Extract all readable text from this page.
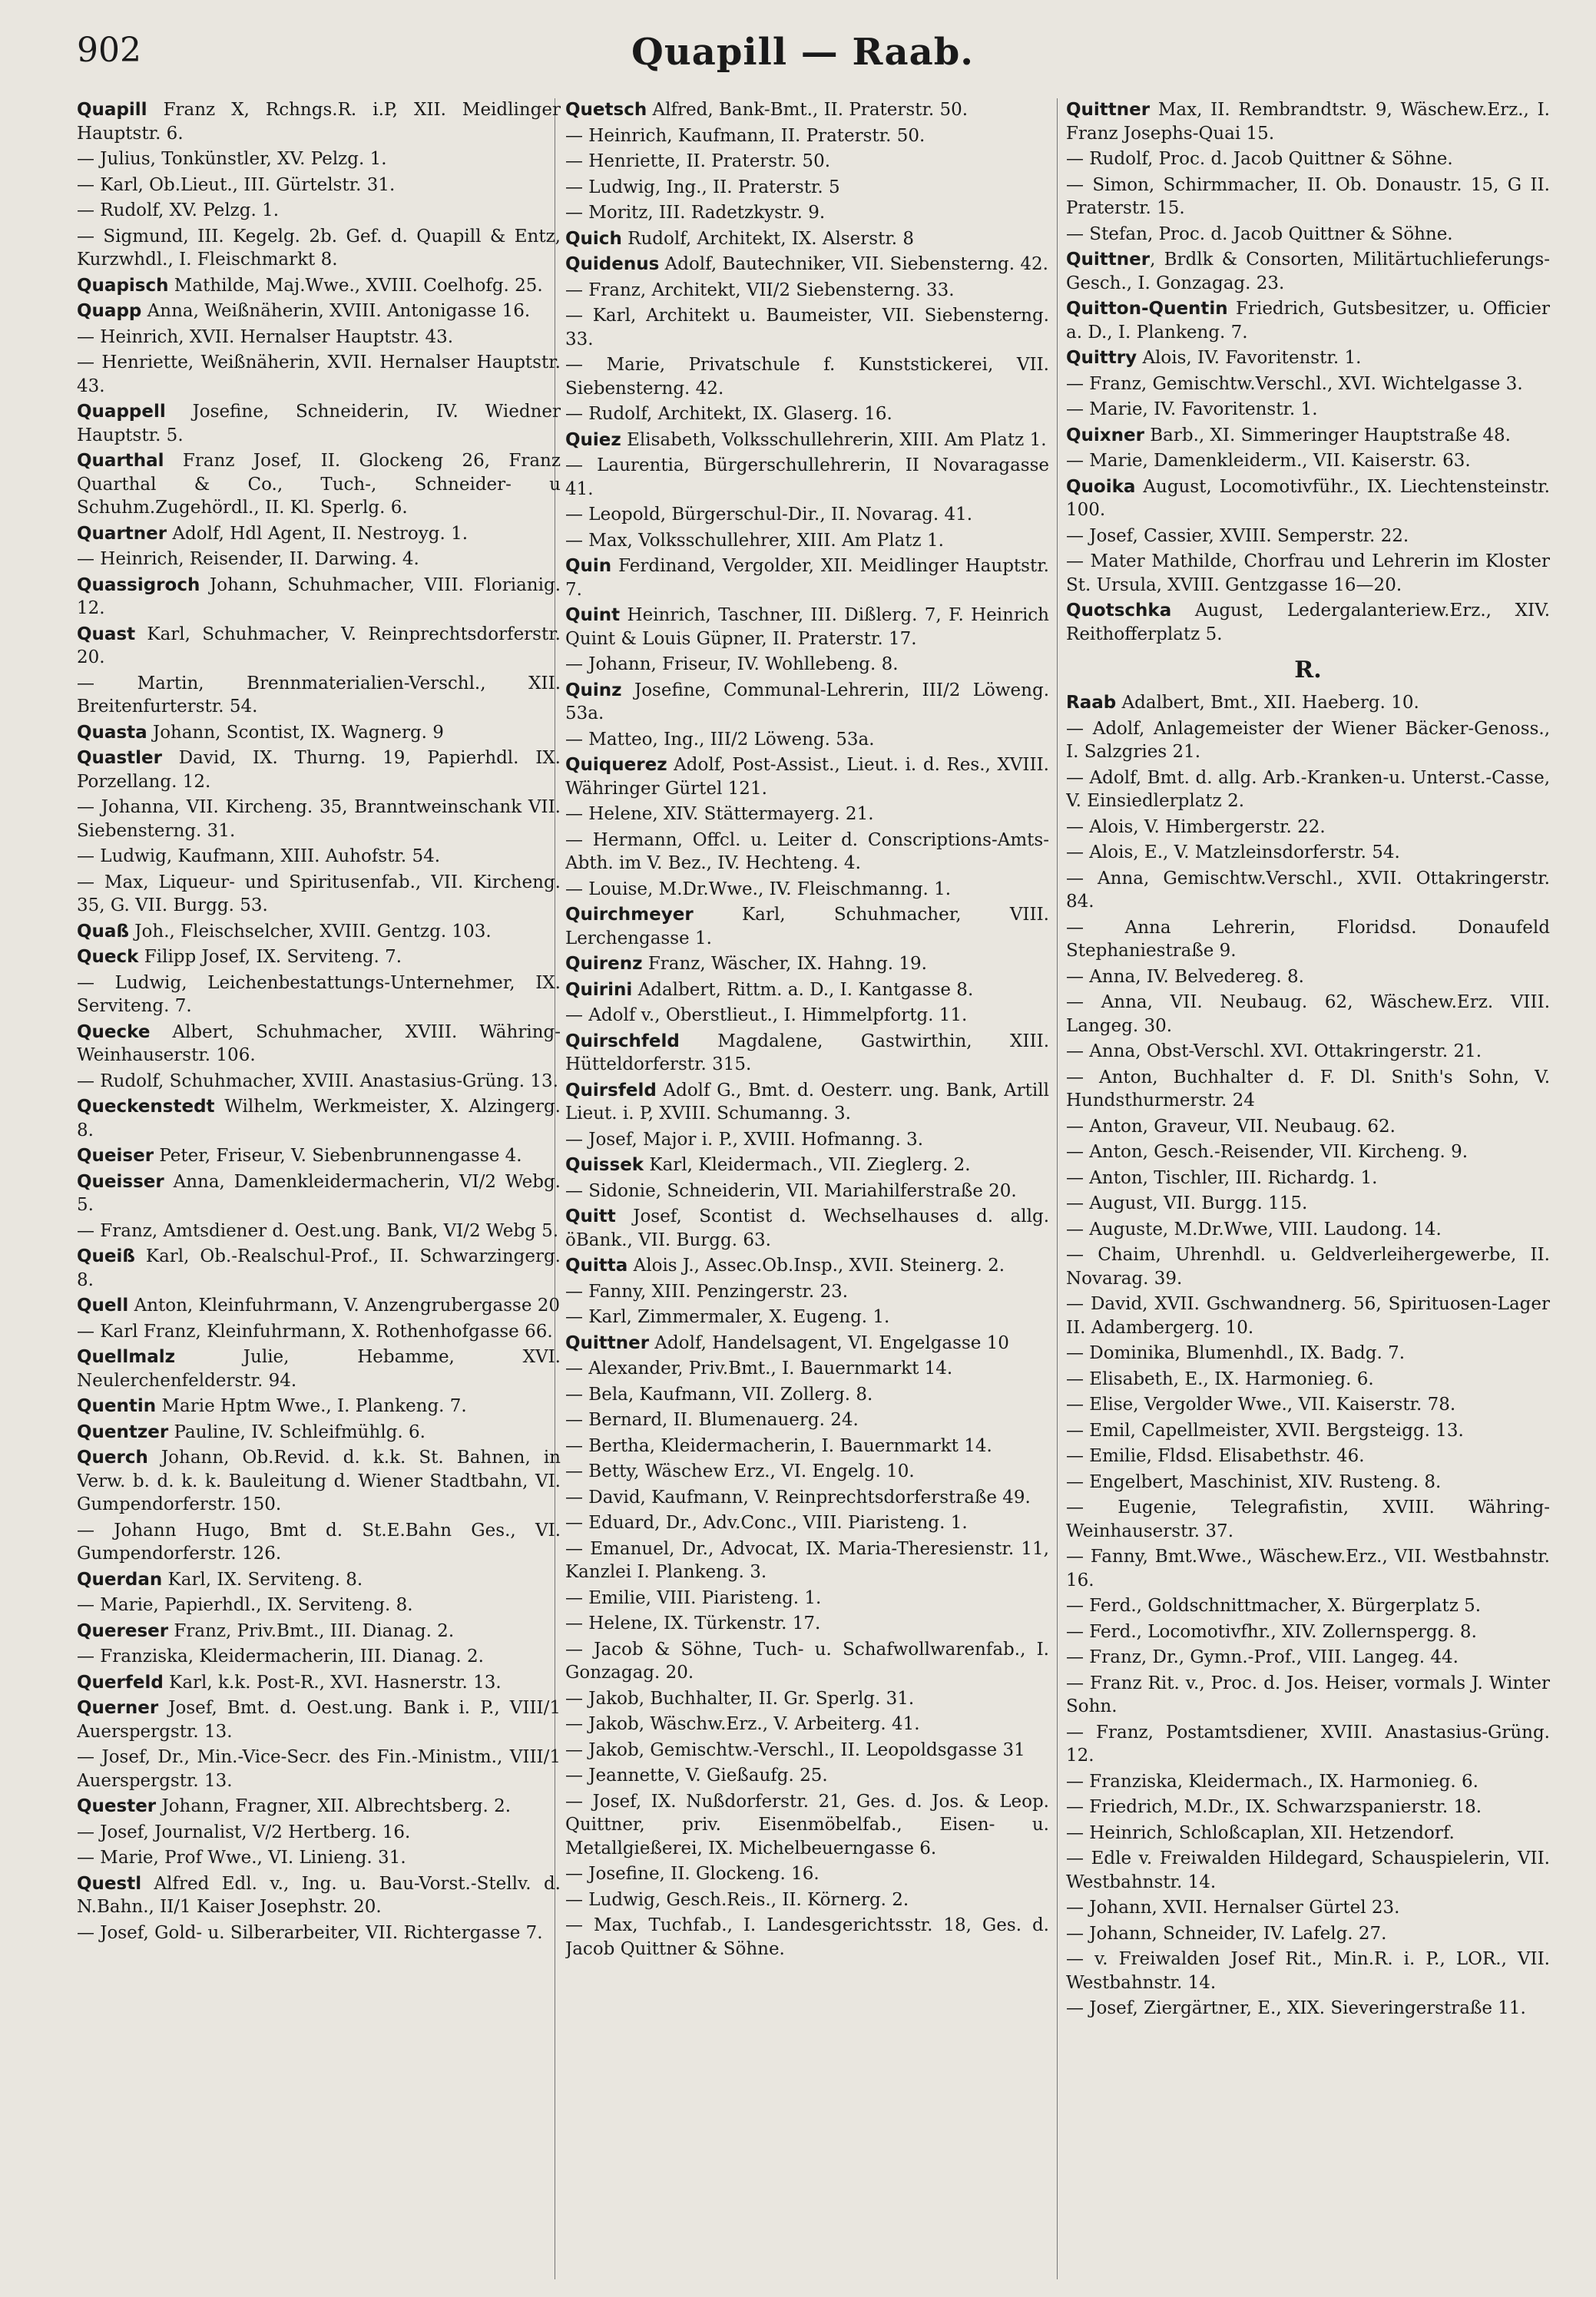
902	Quapill — Raab.

Quapill Franz X, Rchngs.R. i.P, XII. Meidlinger Hauptstr. 6.

— Julius, Tonkünstler, XV. Pelzg. 1.

— Karl, Ob.Lieut., III. Gürtelstr. 31.

— Rudolf, XV. Pelzg. 1.

— Sigmund, III. Kegelg. 2b. Gef. d. Quapill & Entz, Kurzwhdl., I. Fleischmarkt 8.

Quapisch Mathilde, Maj.Wwe., XVIII. Coelhofg. 25.

Quapp Anna, Weißnäherin, XVIII. Antonigasse 16.

— Heinrich, XVII. Hernalser Hauptstr. 43.

— Henriette, Weißnäherin, XVII. Hernalser Hauptstr. 43.

Quappell Josefine, Schneiderin, IV. Wiedner Hauptstr. 5.

Quarthal Franz Josef, II. Glockeng 26, Franz Quarthal & Co., Tuch-, Schneider- u Schuhm.Zugehördl., II. Kl. Sperlg. 6.

Quartner Adolf, Hdl Agent, II. Nestroyg. 1.

— Heinrich, Reisender, II. Darwing. 4.

Quassigroch Johann, Schuhmacher, VIII. Florianig. 12.

Quast Karl, Schuhmacher, V. Reinprechtsdorferstr. 20.

— Martin, Brennmaterialien-Verschl., XII. Breitenfurterstr. 54.

Quasta Johann, Scontist, IX. Wagnerg. 9

Quastler David, IX. Thurng. 19, Papierhdl. IX. Porzellang. 12.

— Johanna, VII. Kircheng. 35, Branntweinschank VII. Siebensterng. 31.

— Ludwig, Kaufmann, XIII. Auhofstr. 54.

— Max, Liqueur- und Spiritusenfab., VII. Kircheng. 35, G. VII. Burgg. 53.

Quaß Joh., Fleischselcher, XVIII. Gentzg. 103.

Queck Filipp Josef, IX. Serviteng. 7.

— Ludwig, Leichenbestattungs-Unternehmer, IX. Serviteng. 7.

Quecke Albert, Schuhmacher, XVIII. Währing-Weinhauserstr. 106.

— Rudolf, Schuhmacher, XVIII. Anastasius-Grüng. 13.

Queckenstedt Wilhelm, Werkmeister, X. Alzingerg. 8.

Queiser Peter, Friseur, V. Siebenbrunnengasse 4.

Queisser Anna, Damenkleidermacherin, VI/2 Webg. 5.

— Franz, Amtsdiener d. Oest.ung. Bank, VI/2 Webg 5.

Queiß Karl, Ob.-Realschul-Prof., II. Schwarzingerg. 8.

Quell Anton, Kleinfuhrmann, V. Anzengrubergasse 20

— Karl Franz, Kleinfuhrmann, X. Rothenhofgasse 66.

Quellmalz Julie, Hebamme, XVI. Neulerchenfelderstr. 94.

Quentin Marie Hptm Wwe., I. Plankeng. 7.

Quentzer Pauline, IV. Schleifmühlg. 6.

Querch Johann, Ob.Revid. d. k.k. St. Bahnen, in Verw. b. d. k. k. Bauleitung d. Wiener Stadtbahn, VI. Gumpendorferstr. 150.

— Johann Hugo, Bmt d. St.E.Bahn Ges., VI. Gumpendorferstr. 126.

Querdan Karl, IX. Serviteng. 8.

— Marie, Papierhdl., IX. Serviteng. 8.

Quereser Franz, Priv.Bmt., III. Dianag. 2.

— Franziska, Kleidermacherin, III. Dianag. 2.

Querfeld Karl, k.k. Post-R., XVI. Hasnerstr. 13.

Querner Josef, Bmt. d. Oest.ung. Bank i. P., VIII/1 Auerspergstr. 13.

— Josef, Dr., Min.-Vice-Secr. des Fin.-Ministm., VIII/1 Auerspergstr. 13.

Quester Johann, Fragner, XII. Albrechtsberg. 2.

— Josef, Journalist, V/2 Hertberg. 16.

— Marie, Prof Wwe., VI. Linieng. 31.

Questl Alfred Edl. v., Ing. u. Bau-Vorst.-Stellv. d. N.Bahn., II/1 Kaiser Josephstr. 20.

— Josef, Gold- u. Silberarbeiter, VII. Richtergasse 7.

Quetsch Alfred, Bank-Bmt., II. Praterstr. 50.

— Heinrich, Kaufmann, II. Praterstr. 50.

— Henriette, II. Praterstr. 50.

— Ludwig, Ing., II. Praterstr. 5

— Moritz, III. Radetzkystr. 9.

Quich Rudolf, Architekt, IX. Alserstr. 8

Quidenus Adolf, Bautechniker, VII. Siebensterng. 42.

— Franz, Architekt, VII/2 Siebensterng. 33.

— Karl, Architekt u. Baumeister, VII. Siebensterng. 33.

— Marie, Privatschule f. Kunststickerei, VII. Siebensterng. 42.

— Rudolf, Architekt, IX. Glaserg. 16.

Quiez Elisabeth, Volksschullehrerin, XIII. Am Platz 1.

— Laurentia, Bürgerschullehrerin, II Novaragasse 41.

— Leopold, Bürgerschul-Dir., II. Novarag. 41.

— Max, Volksschullehrer, XIII. Am Platz 1.

Quin Ferdinand, Vergolder, XII. Meidlinger Hauptstr. 7.

Quint Heinrich, Taschner, III. Dißlerg. 7, F. Heinrich Quint & Louis Güpner, II. Praterstr. 17.

— Johann, Friseur, IV. Wohllebeng. 8.

Quinz Josefine, Communal-Lehrerin, III/2 Löweng. 53a.

— Matteo, Ing., III/2 Löweng. 53a.

Quiquerez Adolf, Post-Assist., Lieut. i. d. Res., XVIII. Währinger Gürtel 121.

— Helene, XIV. Stättermayerg. 21.

— Hermann, Offcl. u. Leiter d. Conscriptions-Amts-Abth. im V. Bez., IV. Hechteng. 4.

— Louise, M.Dr.Wwe., IV. Fleischmanng. 1.

Quirchmeyer Karl, Schuhmacher, VIII. Lerchengasse 1.

Quirenz Franz, Wäscher, IX. Hahng. 19.

Quirini Adalbert, Rittm. a. D., I. Kantgasse 8.

— Adolf v., Oberstlieut., I. Himmelpfortg. 11.

Quirschfeld Magdalene, Gastwirthin, XIII. Hütteldorferstr. 315.

Quirsfeld Adolf G., Bmt. d. Oesterr. ung. Bank, Artill Lieut. i. P, XVIII. Schumanng. 3.

— Josef, Major i. P., XVIII. Hofmanng. 3.

Quissek Karl, Kleidermach., VII. Zieglerg. 2.

— Sidonie, Schneiderin, VII. Mariahilferstraße 20.

Quitt Josef, Scontist d. Wechselhauses d. allg. öBank., VII. Burgg. 63.

Quitta Alois J., Assec.Ob.Insp., XVII. Steinerg. 2.

— Fanny, XIII. Penzingerstr. 23.

— Karl, Zimmermaler, X. Eugeng. 1.

Quittner Adolf, Handelsagent, VI. Engelgasse 10

— Alexander, Priv.Bmt., I. Bauernmarkt 14.

— Bela, Kaufmann, VII. Zollerg. 8.

— Bernard, II. Blumenauerg. 24.

— Bertha, Kleidermacherin, I. Bauernmarkt 14.

— Betty, Wäschew Erz., VI. Engelg. 10.

— David, Kaufmann, V. Reinprechtsdorferstraße 49.

— Eduard, Dr., Adv.Conc., VIII. Piaristeng. 1.

— Emanuel, Dr., Advocat, IX. Maria-Theresienstr. 11, Kanzlei I. Plankeng. 3.

— Emilie, VIII. Piaristeng. 1.

— Helene, IX. Türkenstr. 17.

— Jacob & Söhne, Tuch- u. Schafwollwarenfab., I. Gonzagag. 20.

— Jakob, Buchhalter, II. Gr. Sperlg. 31.

— Jakob, Wäschw.Erz., V. Arbeiterg. 41.

— Jakob, Gemischtw.-Verschl., II. Leopoldsgasse 31

— Jeannette, V. Gießaufg. 25.

— Josef, IX. Nußdorferstr. 21, Ges. d. Jos. & Leop. Quittner, priv. Eisenmöbelfab., Eisen- u. Metallgießerei, IX. Michelbeuerngasse 6.

— Josefine, II. Glockeng. 16.

— Ludwig, Gesch.Reis., II. Körnerg. 2.

— Max, Tuchfab., I. Landesgerichtsstr. 18, Ges. d. Jacob Quittner & Söhne.

Quittner Max, II. Rembrandtstr. 9, Wäschew.Erz., I. Franz Josephs-Quai 15.

— Rudolf, Proc. d. Jacob Quittner & Söhne.

— Simon, Schirmmacher, II. Ob. Donaustr. 15, G II. Praterstr. 15.

— Stefan, Proc. d. Jacob Quittner & Söhne.

Quittner, Brdlk & Consorten, Militärtuchlieferungs-Gesch., I. Gonzagag. 23.

Quitton-Quentin Friedrich, Gutsbesitzer, u. Officier a. D., I. Plankeng. 7.

Quittry Alois, IV. Favoritenstr. 1.

— Franz, Gemischtw.Verschl., XVI. Wichtelgasse 3.

— Marie, IV. Favoritenstr. 1.

Quixner Barb., XI. Simmeringer Hauptstraße 48.

— Marie, Damenkleiderm., VII. Kaiserstr. 63.

Quoika August, Locomotivführ., IX. Liechtensteinstr. 100.

— Josef, Cassier, XVIII. Semperstr. 22.

— Mater Mathilde, Chorfrau und Lehrerin im Kloster St. Ursula, XVIII. Gentzgasse 16—20.

Quotschka August, Ledergalanteriew.Erz., XIV. Reithofferplatz 5.

R.

Raab Adalbert, Bmt., XII. Haeberg. 10.

— Adolf, Anlagemeister der Wiener Bäcker-Genoss., I. Salzgries 21.

— Adolf, Bmt. d. allg. Arb.-Kranken-u. Unterst.-Casse, V. Einsiedlerplatz 2.

— Alois, V. Himbergerstr. 22.

— Alois, E., V. Matzleinsdorferstr. 54.

— Anna, Gemischtw.Verschl., XVII. Ottakringerstr. 84.

— Anna Lehrerin, Floridsd. Donaufeld Stephaniestraße 9.

— Anna, IV. Belvedereg. 8.

— Anna, VII. Neubaug. 62, Wäschew.Erz. VIII. Langeg. 30.

— Anna, Obst-Verschl. XVI. Ottakringerstr. 21.

— Anton, Buchhalter d. F. Dl. Snith's Sohn, V. Hundsthurmerstr. 24

— Anton, Graveur, VII. Neubaug. 62.

— Anton, Gesch.-Reisender, VII. Kircheng. 9.

— Anton, Tischler, III. Richardg. 1.

— August, VII. Burgg. 115.

— Auguste, M.Dr.Wwe, VIII. Laudong. 14.

— Chaim, Uhrenhdl. u. Geldverleihergewerbe, II. Novarag. 39.

— David, XVII. Gschwandnerg. 56, Spirituosen-Lager II. Adambergerg. 10.

— Dominika, Blumenhdl., IX. Badg. 7.

— Elisabeth, E., IX. Harmonieg. 6.

— Elise, Vergolder Wwe., VII. Kaiserstr. 78.

— Emil, Capellmeister, XVII. Bergsteigg. 13.

— Emilie, Fldsd. Elisabethstr. 46.

— Engelbert, Maschinist, XIV. Rusteng. 8.

— Eugenie, Telegrafistin, XVIII. Währing-Weinhauserstr. 37.

— Fanny, Bmt.Wwe., Wäschew.Erz., VII. Westbahnstr. 16.

— Ferd., Goldschnittmacher, X. Bürgerplatz 5.

— Ferd., Locomotivfhr., XIV. Zollernspergg. 8.

— Franz, Dr., Gymn.-Prof., VIII. Langeg. 44.

— Franz Rit. v., Proc. d. Jos. Heiser, vormals J. Winter Sohn.

— Franz, Postamtsdiener, XVIII. Anastasius-Grüng. 12.

— Franziska, Kleidermach., IX. Harmonieg. 6.

— Friedrich, M.Dr., IX. Schwarzspanierstr. 18.

— Heinrich, Schloßcaplan, XII. Hetzendorf.

— Edle v. Freiwalden Hildegard, Schauspielerin, VII. Westbahnstr. 14.

— Johann, XVII. Hernalser Gürtel 23.

— Johann, Schneider, IV. Lafelg. 27.

— v. Freiwalden Josef Rit., Min.R. i. P., LOR., VII. Westbahnstr. 14.

— Josef, Ziergärtner, E., XIX. Sieveringerstraße 11.
